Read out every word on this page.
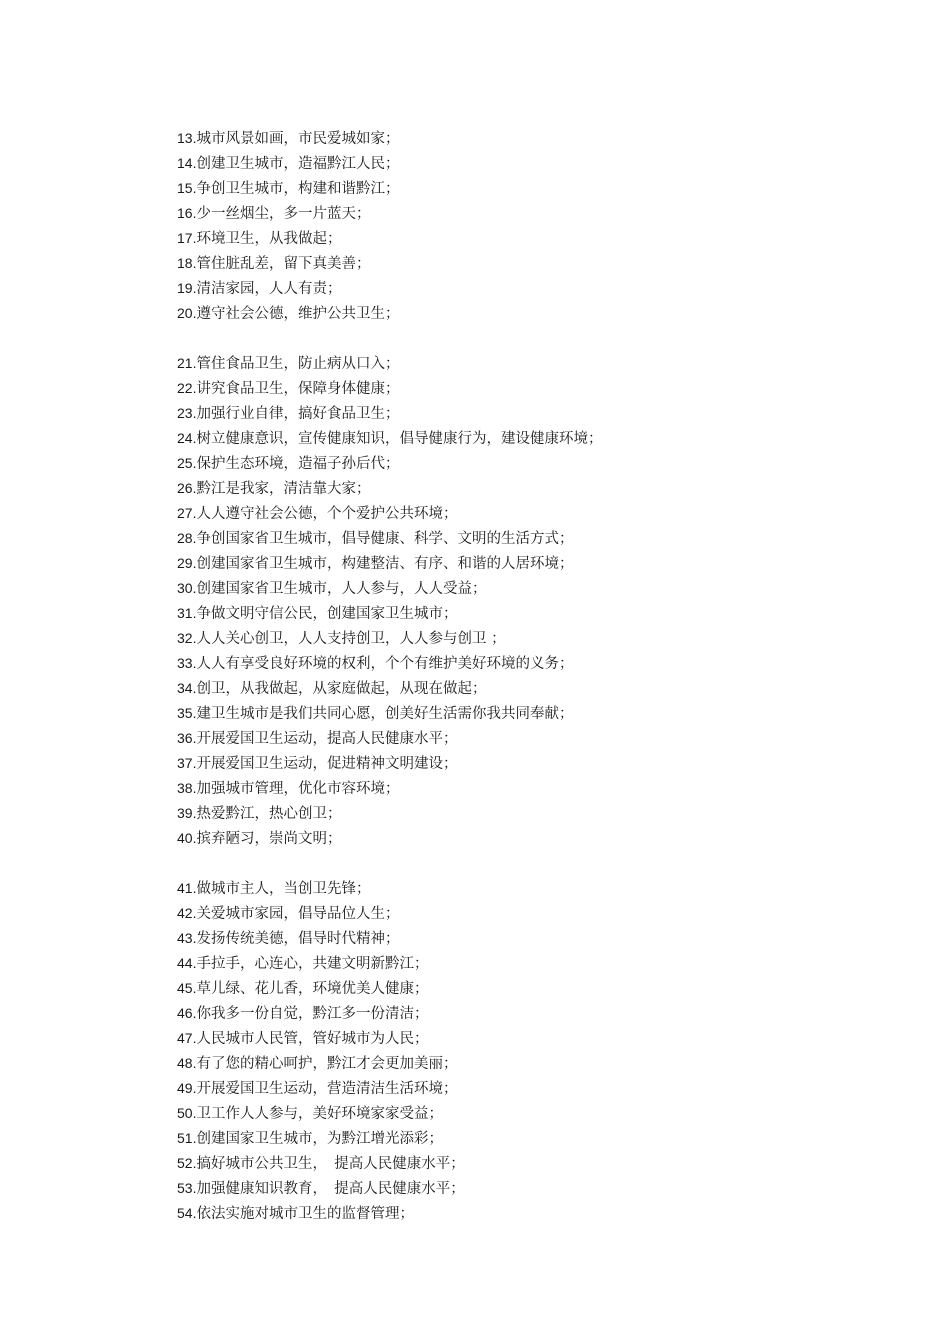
13.城市风景如画，市民爱城如家；
14.创建卫生城市，造福黔江人民；
15.争创卫生城市，构建和谐黔江；
16.少一丝烟尘，多一片蓝天；
17.环境卫生，从我做起；
18.管住脏乱差，留下真美善；
19.清洁家园，人人有责；
20.遵守社会公德，维护公共卫生；
21.管住食品卫生，防止病从口入；
22.讲究食品卫生，保障身体健康；
23.加强行业自律，搞好食品卫生；
24.树立健康意识，宣传健康知识，倡导健康行为，建设健康环境；
25.保护生态环境，造福子孙后代；
26.黔江是我家，清洁靠大家；
27.人人遵守社会公德，个个爱护公共环境；
28.争创国家省卫生城市，倡导健康、科学、文明的生活方式；
29.创建国家省卫生城市，构建整洁、有序、和谐的人居环境；
30.创建国家省卫生城市，人人参与，人人受益；
31.争做文明守信公民，创建国家卫生城市；
32.人人关心创卫，人人支持创卫，人人参与创卫 ；
33.人人有享受良好环境的权利，个个有维护美好环境的义务；
34.创卫，从我做起，从家庭做起，从现在做起；
35.建卫生城市是我们共同心愿，创美好生活需你我共同奉献；
36.开展爱国卫生运动，提高人民健康水平；
37.开展爱国卫生运动，促进精神文明建设；
38.加强城市管理，优化市容环境；
39.热爱黔江，热心创卫；
40.摈弃陋习，崇尚文明；
41.做城市主人，当创卫先锋；
42.关爱城市家园，倡导品位人生；
43.发扬传统美德，倡导时代精神；
44.手拉手，心连心，共建文明新黔江；
45.草儿绿、花儿香，环境优美人健康；
46.你我多一份自觉，黔江多一份清洁；
47.人民城市人民管，管好城市为人民；
48.有了您的精心呵护，黔江才会更加美丽；
49.开展爱国卫生运动，营造清洁生活环境；
50.卫工作人人参与，美好环境家家受益；
51.创建国家卫生城市，为黔江增光添彩；
52.搞好城市公共卫生，　提高人民健康水平；
53.加强健康知识教育，　提高人民健康水平；
54.依法实施对城市卫生的监督管理；
